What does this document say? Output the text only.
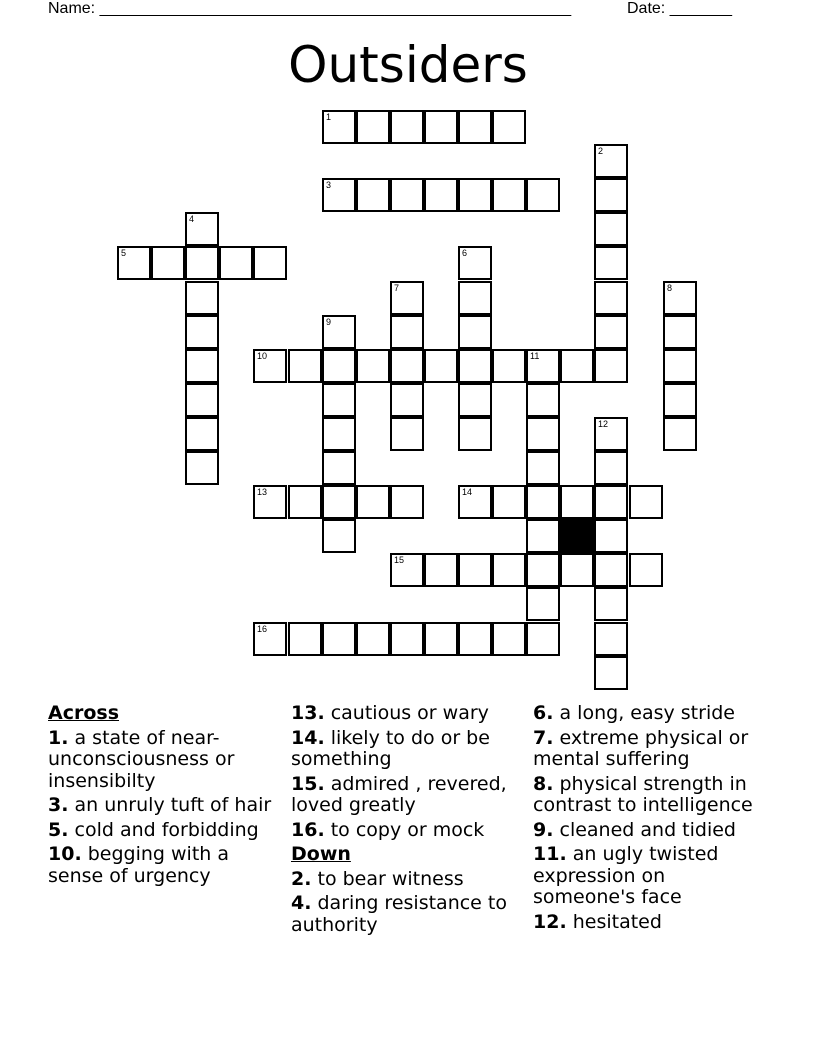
Name: _____________________________________________________	Date: _______
Outsiders
1
2
3
4
5	6
7	8
9
10	11
12
13	14
15
16
Across
1. a state of near-unconsciousness or insensibilty
3. an unruly tuft of hair
5. cold and forbidding
10. begging with a sense of urgency
13. cautious or wary
14. likely to do or be something
15. admired , revered, loved greatly
16. to copy or mock
Down
2. to bear witness
4. daring resistance to authority
6. a long, easy stride
7. extreme physical or mental suffering
8. physical strength in contrast to intelligence
9. cleaned and tidied
11. an ugly twisted expression on someone's face
12. hesitated
